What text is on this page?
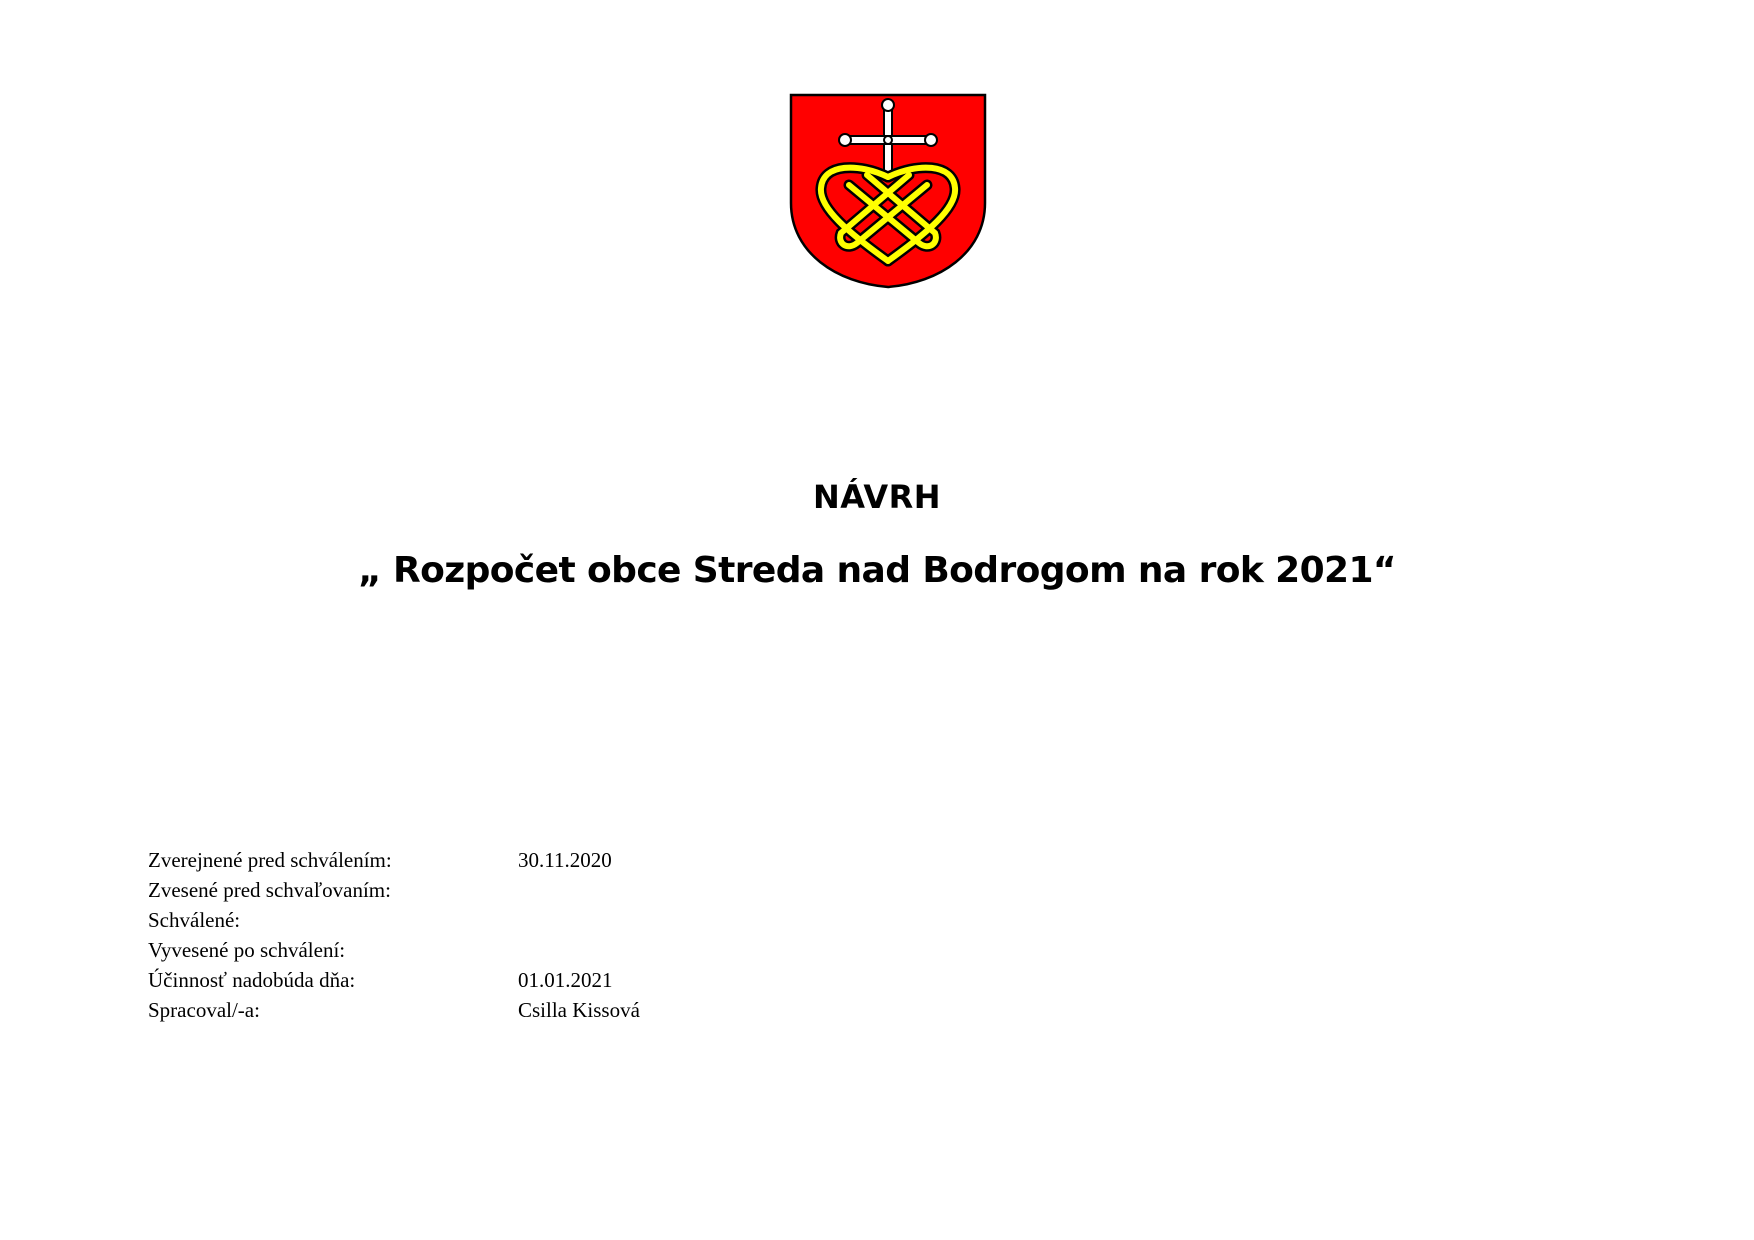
NÁVRH
„ Rozpočet obce Streda nad Bodrogom na rok 2021“
Zverejnené pred schválením:	30.11.2020
Zvesené pred schvaľovaním:	
Schválené:	
Vyvesené po schválení:	
Účinnosť nadobúda dňa:	01.01.2021
Spracoval/-a:	Csilla Kissová
